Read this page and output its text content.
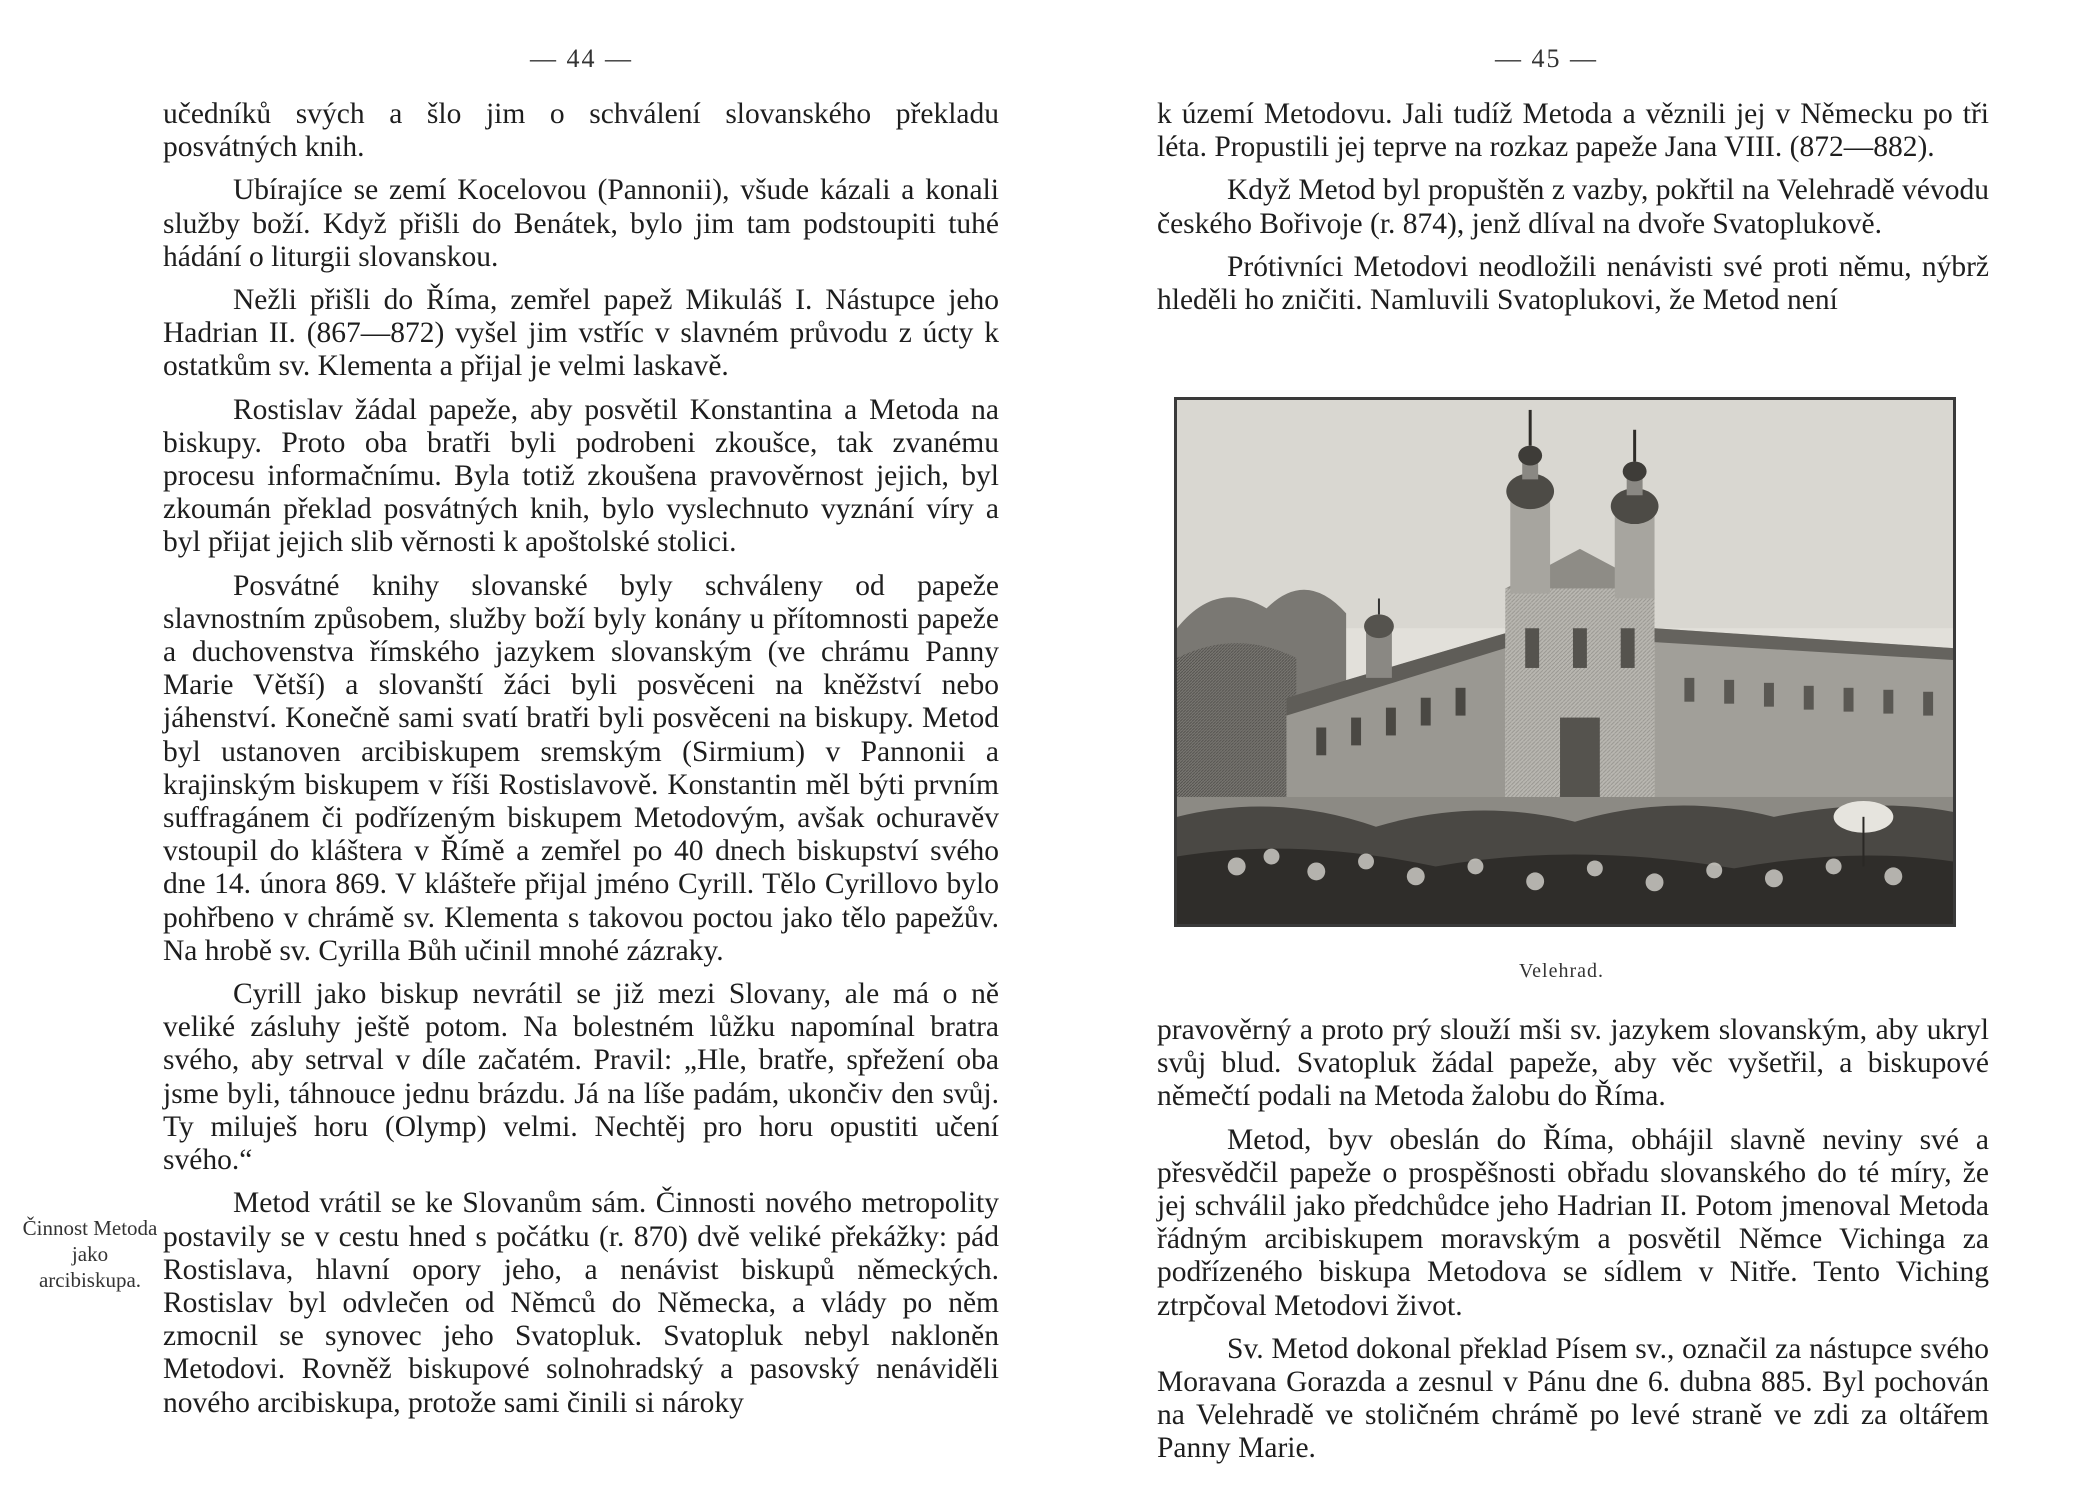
— 44 —
Činnost Metoda jako arcibiskupa.

učedníků svých a šlo jim o schválení slovanského překladu posvátných knih.

Ubírajíce se zemí Kocelovou (Pannonii), všude kázali a konali služby boží. Když přišli do Benátek, bylo jim tam podstoupiti tuhé hádání o liturgii slovanskou.

Nežli přišli do Říma, zemřel papež Mikuláš I. Nástupce jeho Hadrian II. (867—872) vyšel jim vstříc v slavném průvodu z úcty k ostatkům sv. Klementa a přijal je velmi laskavě.

Rostislav žádal papeže, aby posvětil Konstantina a Metoda na biskupy. Proto oba bratři byli podrobeni zkoušce, tak zvanému procesu informačnímu. Byla totiž zkoušena pravověrnost jejich, byl zkoumán překlad posvátných knih, bylo vyslechnuto vyznání víry a byl přijat jejich slib věrnosti k apoštolské stolici.

Posvátné knihy slovanské byly schváleny od papeže slavnostním způsobem, služby boží byly konány u přítomnosti papeže a duchovenstva římského jazykem slovanským (ve chrámu Panny Marie Větší) a slovanští žáci byli posvěceni na kněžství nebo jáhenství. Konečně sami svatí bratři byli posvěceni na biskupy. Metod byl ustanoven arcibiskupem sremským (Sirmium) v Pannonii a krajinským biskupem v říši Rostislavově. Konstantin měl býti prvním suffragánem či podřízeným biskupem Metodovým, avšak ochuravěv vstoupil do kláštera v Římě a zemřel po 40 dnech biskupství svého dne 14. února 869. V klášteře přijal jméno Cyrill. Tělo Cyrillovo bylo pohřbeno v chrámě sv. Klementa s takovou poctou jako tělo papežův. Na hrobě sv. Cyrilla Bůh učinil mnohé zázraky.

Cyrill jako biskup nevrátil se již mezi Slovany, ale má o ně veliké zásluhy ještě potom. Na bolestném lůžku napomínal bratra svého, aby setrval v díle začatém. Pravil: „Hle, bratře, spřežení oba jsme byli, táhnouce jednu brázdu. Já na líše padám, ukončiv den svůj. Ty miluješ horu (Olymp) velmi. Nechtěj pro horu opustiti učení svého.“

Metod vrátil se ke Slovanům sám. Činnosti nového metropolity postavily se v cestu hned s počátku (r. 870) dvě veliké překážky: pád Rostislava, hlavní opory jeho, a nenávist biskupů německých. Rostislav byl odvlečen od Němců do Německa, a vlády po něm zmocnil se synovec jeho Svatopluk. Svatopluk nebyl nakloněn Metodovi. Rovněž biskupové solnohradský a pasovský nenáviděli nového arcibiskupa, protože sami činili si nároky

— 45 —

k území Metodovu. Jali tudíž Metoda a věznili jej v Německu po tři léta. Propustili jej teprve na rozkaz papeže Jana VIII. (872—882).

Když Metod byl propuštěn z vazby, pokřtil na Velehradě vévodu českého Bořivoje (r. 874), jenž dlíval na dvoře Svatoplukově.

Prótivníci Metodovi neodložili nenávisti své proti němu, nýbrž hleděli ho zničiti. Namluvili Svatoplukovi, že Metod není

Velehrad.

pravověrný a proto prý slouží mši sv. jazykem slovanským, aby ukryl svůj blud. Svatopluk žádal papeže, aby věc vyšetřil, a biskupové němečtí podali na Metoda žalobu do Říma.

Metod, byv obeslán do Říma, obhájil slavně neviny své a přesvědčil papeže o prospěšnosti obřadu slovanského do té míry, že jej schválil jako předchůdce jeho Hadrian II. Potom jmenoval Metoda řádným arcibiskupem moravským a posvětil Němce Vichinga za podřízeného biskupa Metodova se sídlem v Nitře. Tento Viching ztrpčoval Metodovi život.

Sv. Metod dokonal překlad Písem sv., označil za nástupce svého Moravana Gorazda a zesnul v Pánu dne 6. dubna 885. Byl pochován na Velehradě ve stoličném chrámě po levé straně ve zdi za oltářem Panny Marie.
